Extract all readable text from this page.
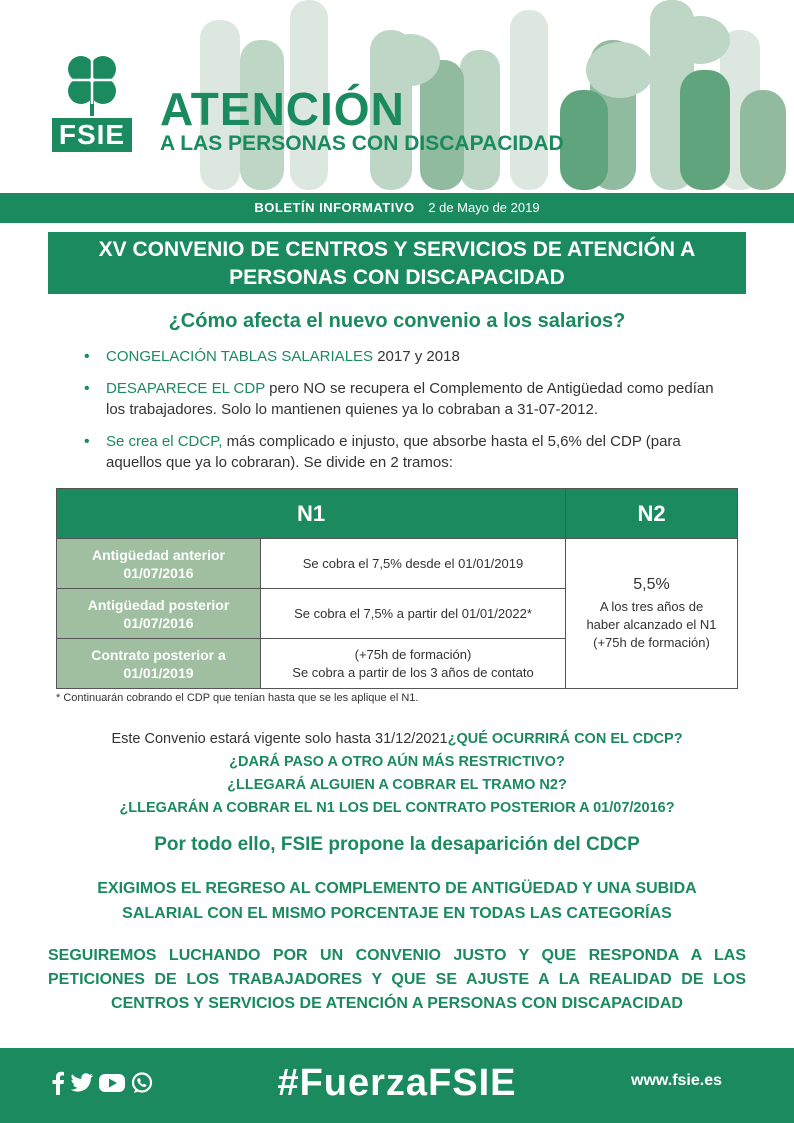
FSIE ATENCIÓN
A LAS PERSONAS CON DISCAPACIDAD
BOLETÍN INFORMATIVO 2 de Mayo de 2019
XV CONVENIO DE CENTROS Y SERVICIOS DE ATENCIÓN A PERSONAS CON DISCAPACIDAD
¿Cómo afecta el nuevo convenio a los salarios?
• CONGELACIÓN TABLAS SALARIALES 2017 y 2018
• DESAPARECE EL CDP pero NO se recupera el Complemento de Antigüedad como pedían los trabajadores. Solo lo mantienen quienes ya lo cobraban a 31-07-2012.
• Se crea el CDCP, más complicado e injusto, que absorbe hasta el 5,6% del CDP (para aquellos que ya lo cobraran). Se divide en 2 tramos:
N1		N2
Antigüedad anterior 01/07/2016	Se cobra el 7,5% desde el 01/01/2019	5,5%
A los tres años de
haber alcanzado el N1
(+75h de formación)

Antigüedad posterior 01/07/2016	Se cobra el 7,5% a partir del 01/01/2022*	
Contrato posterior a 01/01/2019	(+75h de formación)
Se cobra a partir de los 3 años de contato	
* Continuarán cobrando el CDP que tenían hasta que se les aplique el N1.
Este Convenio estará vigente solo hasta 31/12/2021¿QUÉ OCURRIRÁ CON EL CDCP?
¿DARÁ PASO A OTRO AÚN MÁS RESTRICTIVO?
¿LLEGARÁ ALGUIEN A COBRAR EL TRAMO N2?
¿LLEGARÁN A COBRAR EL N1 LOS DEL CONTRATO POSTERIOR A 01/07/2016?
Por todo ello, FSIE propone la desaparición del CDCP
EXIGIMOS EL REGRESO AL COMPLEMENTO DE ANTIGÜEDAD Y UNA SUBIDA SALARIAL CON EL MISMO PORCENTAJE EN TODAS LAS CATEGORÍAS
SEGUIREMOS LUCHANDO POR UN CONVENIO JUSTO Y QUE RESPONDA A LAS PETICIONES DE LOS TRABAJADORES Y QUE SE AJUSTE A LA REALIDAD DE LOS CENTROS Y SERVICIOS DE ATENCIÓN A PERSONAS CON DISCAPACIDAD
#FuerzaFSIE	www.fsie.es
